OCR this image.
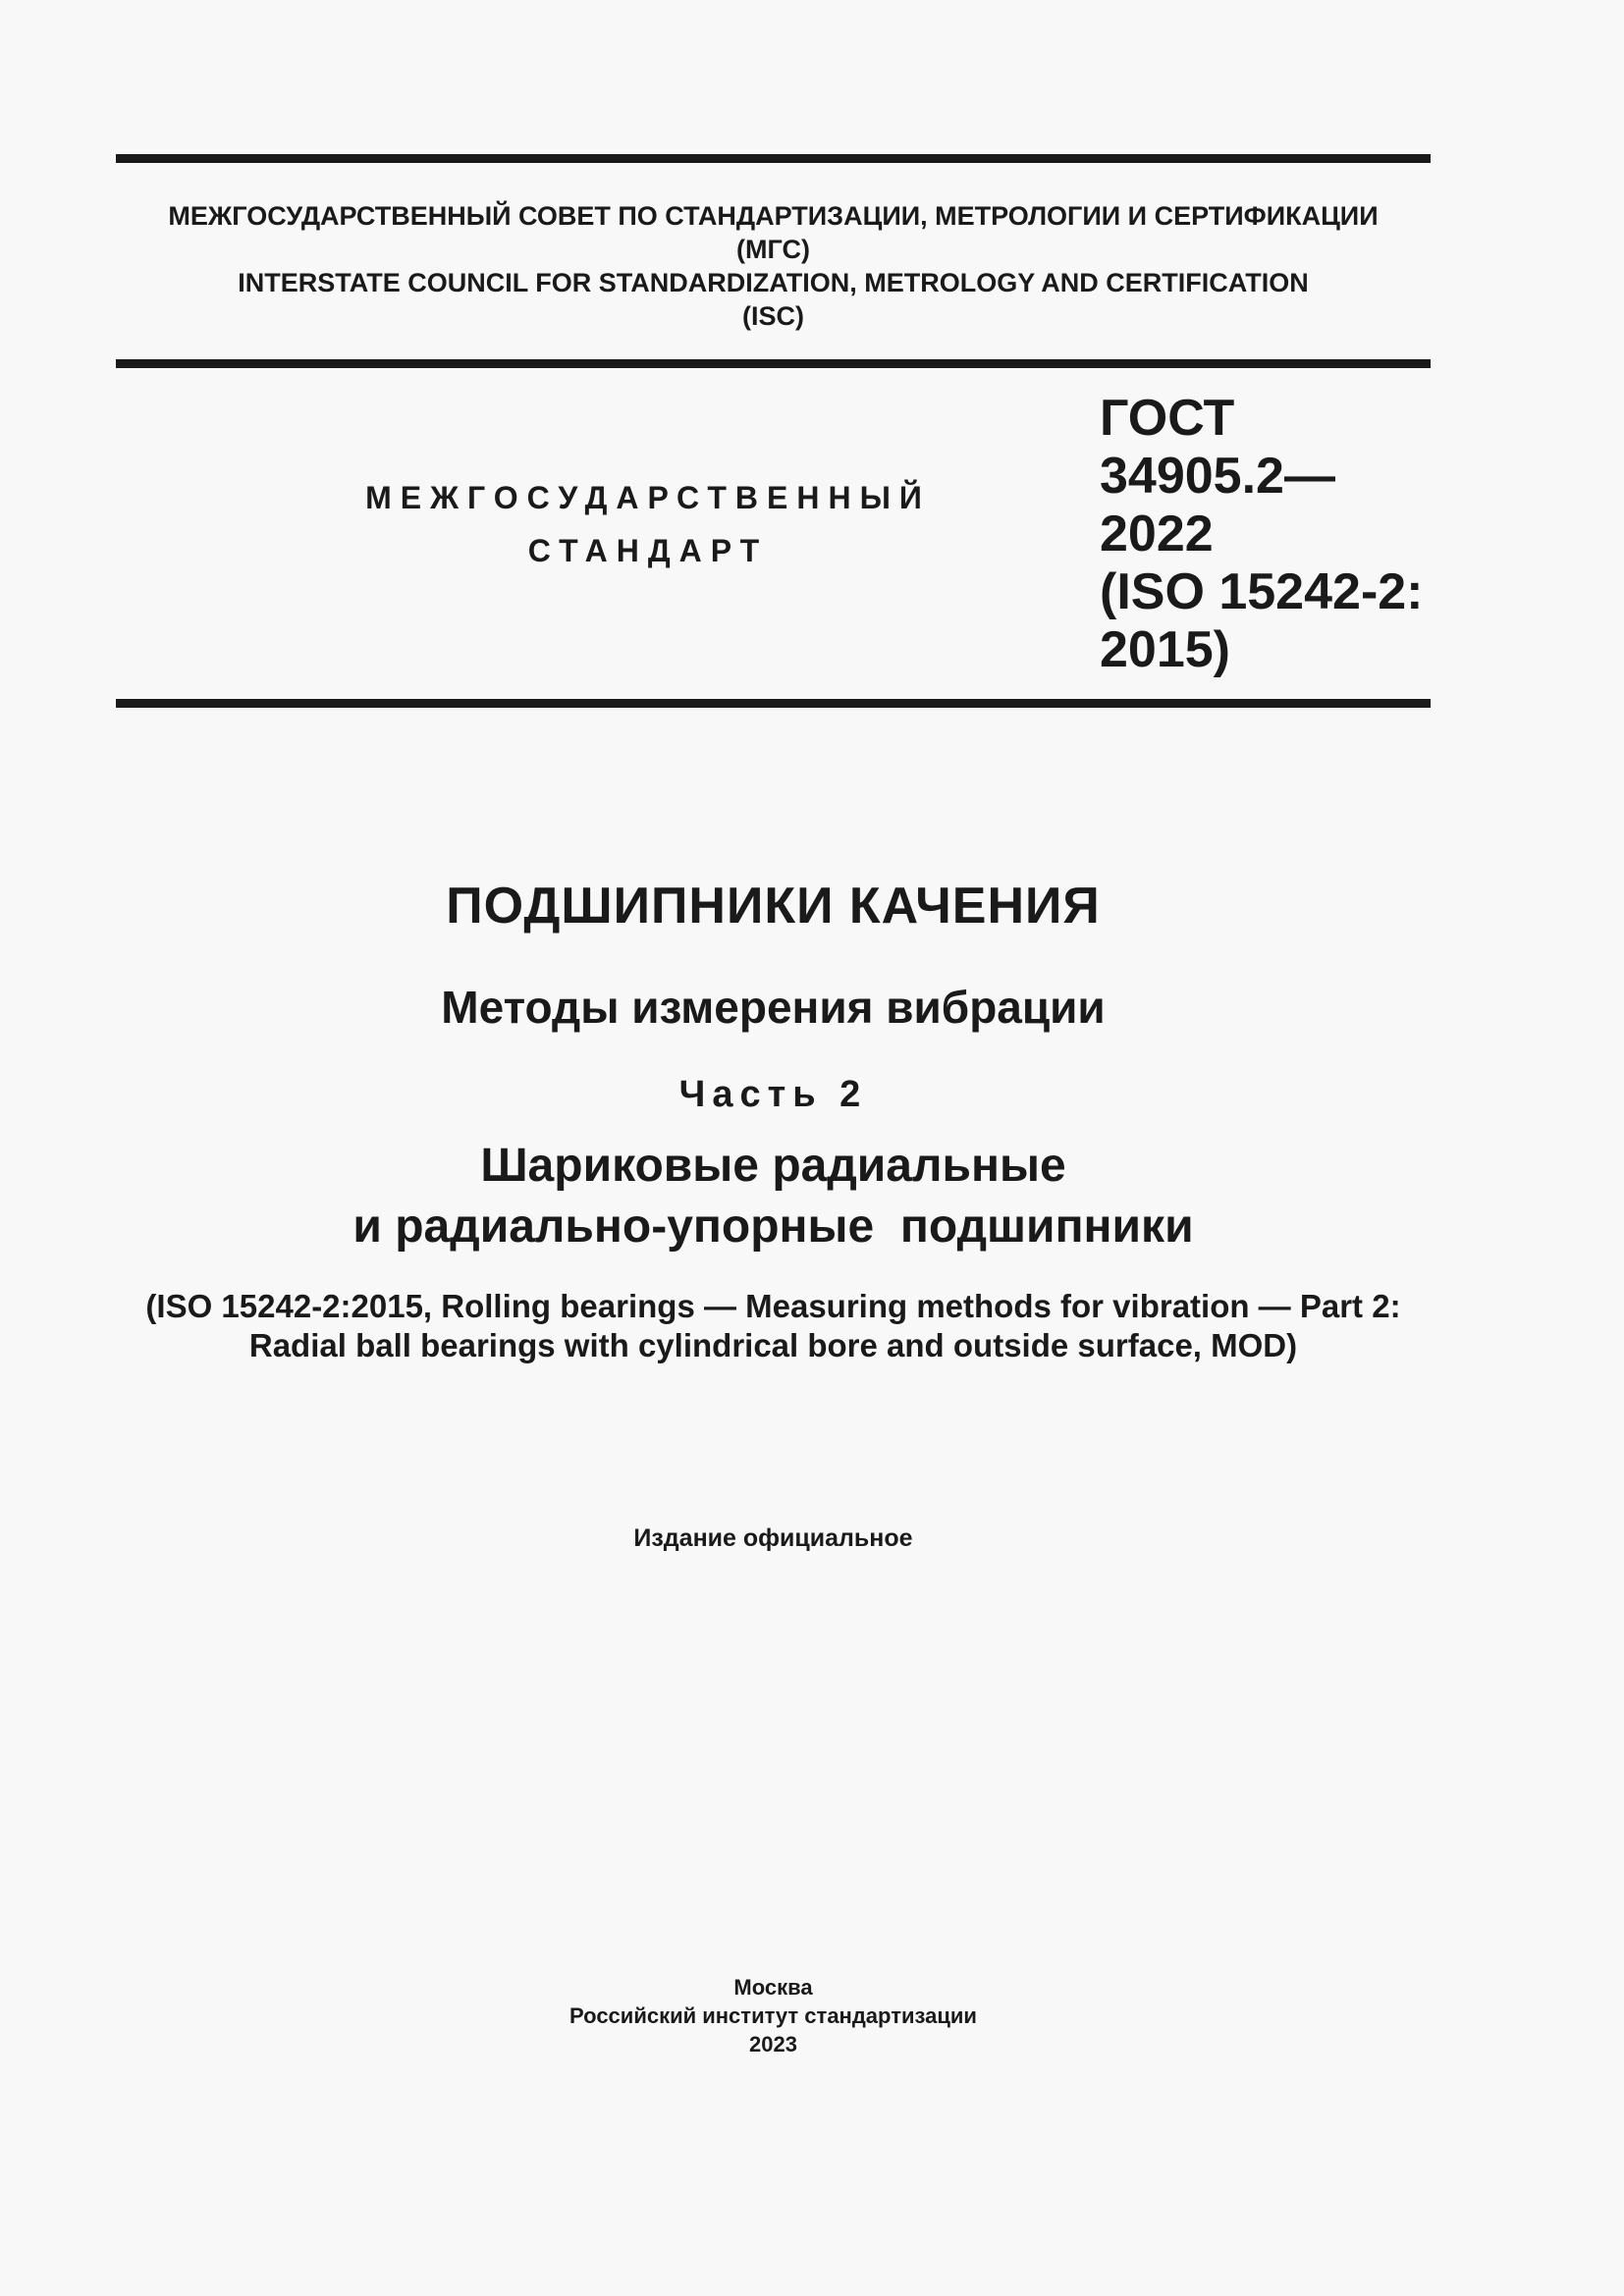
МЕЖГОСУДАРСТВЕННЫЙ СОВЕТ ПО СТАНДАРТИЗАЦИИ, МЕТРОЛОГИИ И СЕРТИФИКАЦИИ
(МГС)
INTERSTATE COUNCIL FOR STANDARDIZATION, METROLOGY AND CERTIFICATION
(ISC)
МЕЖГОСУДАРСТВЕННЫЙ
СТАНДАРТ
ГОСТ
34905.2—
2022
(ISO 15242-2:
2015)
ПОДШИПНИКИ КАЧЕНИЯ
Методы измерения вибрации
Часть 2
Шариковые радиальные
и радиально-упорные  подшипники
(ISO 15242-2:2015, Rolling bearings — Measuring methods for vibration — Part 2:
Radial ball bearings with cylindrical bore and outside surface, MOD)
Издание официальное
Москва
Российский институт стандартизации
2023
